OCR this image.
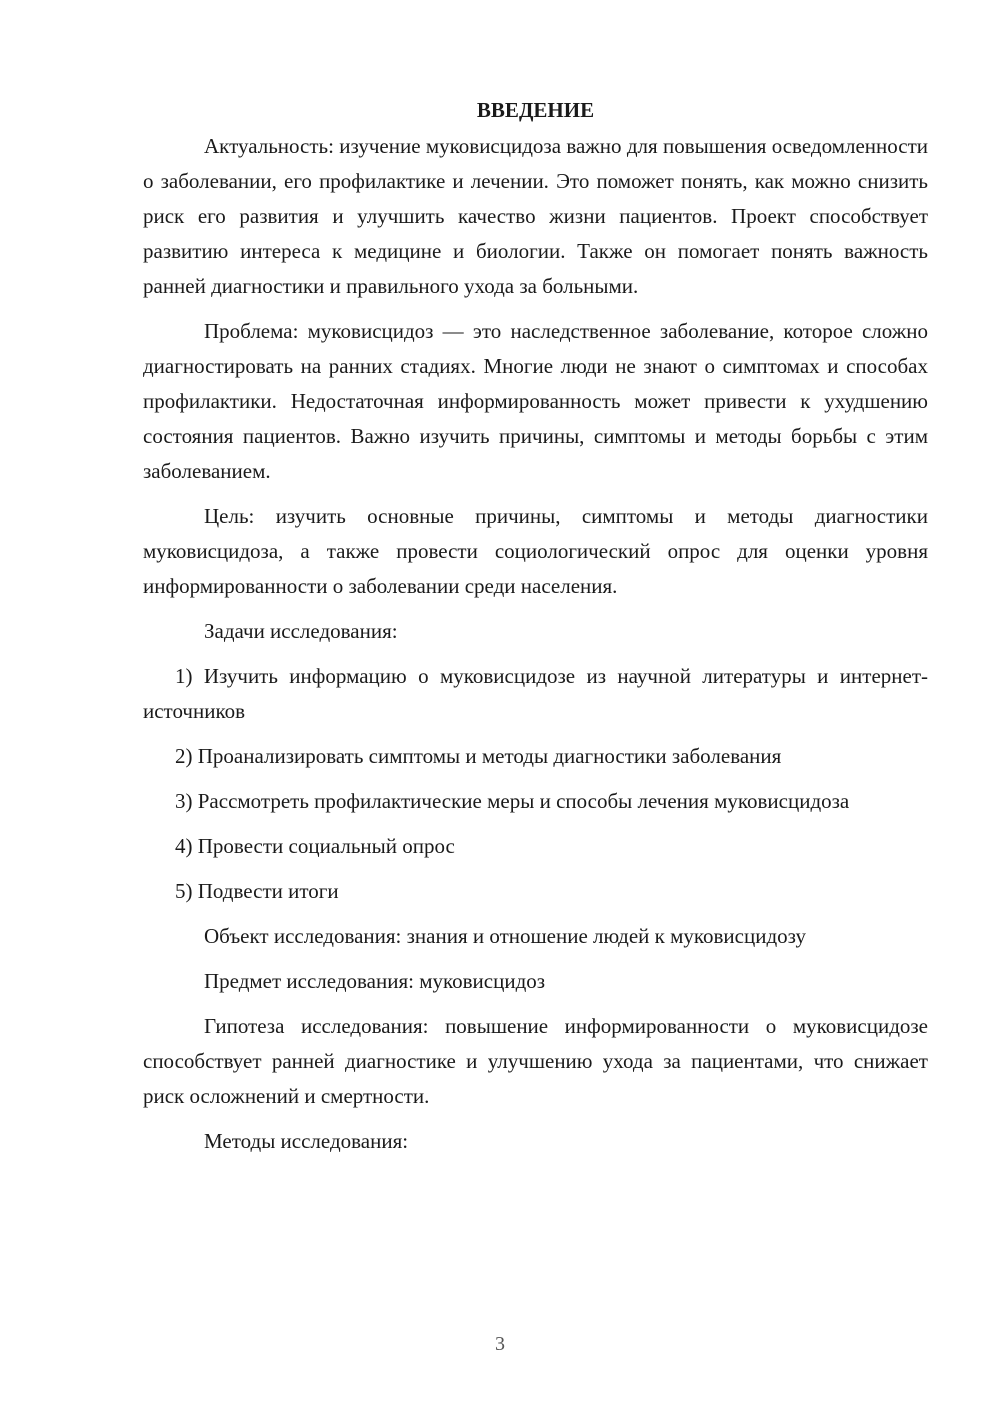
ВВЕДЕНИЕ

Актуальность: изучение муковисцидоза важно для повышения осведомленности о заболевании, его профилактике и лечении. Это поможет понять, как можно снизить риск его развития и улучшить качество жизни пациентов. Проект способствует развитию интереса к медицине и биологии. Также он помогает понять важность ранней диагностики и правильного ухода за больными.

Проблема: муковисцидоз — это наследственное заболевание, которое сложно диагностировать на ранних стадиях. Многие люди не знают о симптомах и способах профилактики. Недостаточная информированность может привести к ухудшению состояния пациентов. Важно изучить причины, симптомы и методы борьбы с этим заболеванием.

Цель: изучить основные причины, симптомы и методы диагностики муковисцидоза, а также провести социологический опрос для оценки уровня информированности о заболевании среди населения.

Задачи исследования:

1) Изучить информацию о муковисцидозе из научной литературы и интернет-источников

2) Проанализировать симптомы и методы диагностики заболевания

3) Рассмотреть профилактические меры и способы лечения муковисцидоза

4) Провести социальный опрос

5) Подвести итоги

Объект исследования: знания и отношение людей к муковисцидозу

Предмет исследования: муковисцидоз

Гипотеза исследования: повышение информированности о муковисцидозе способствует ранней диагностике и улучшению ухода за пациентами, что снижает риск осложнений и смертности.

Методы исследования:

3
